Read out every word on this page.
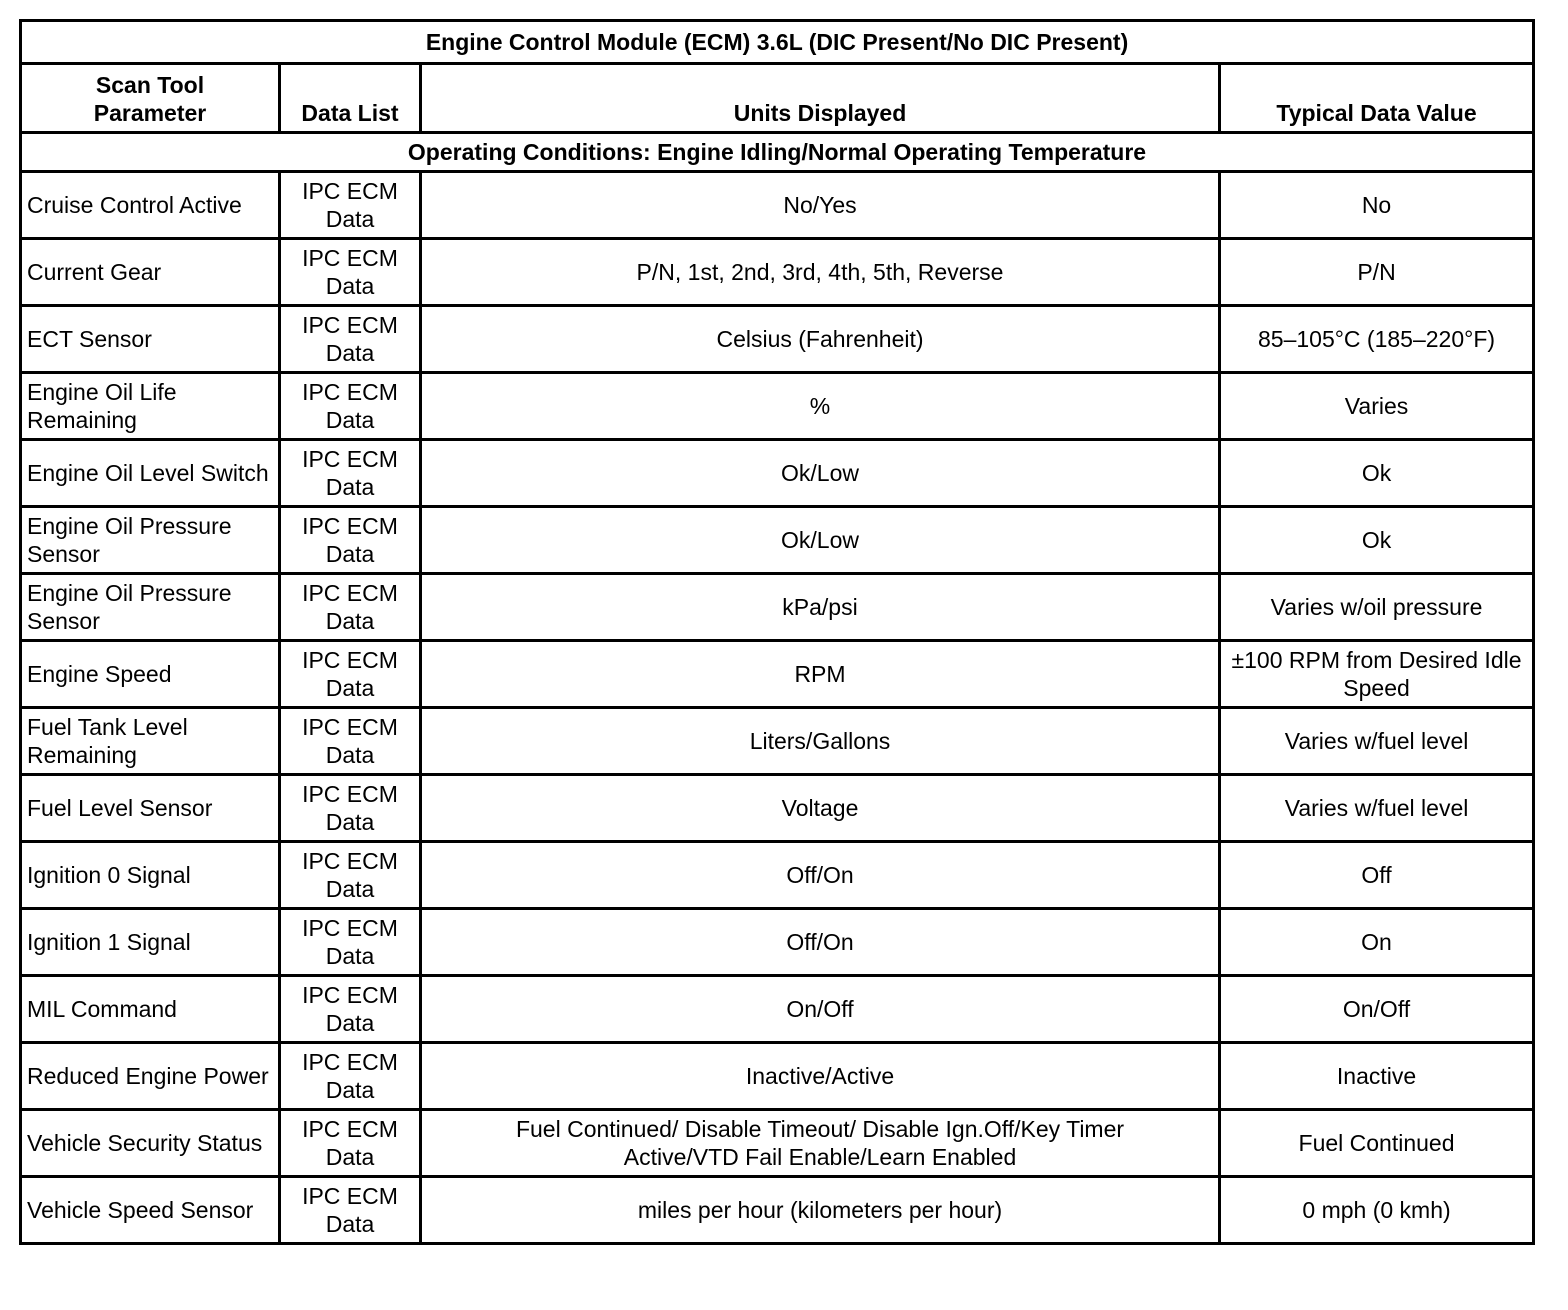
Engine Control Module (ECM) 3.6L (DIC Present/No DIC Present)			
Scan Tool Parameter	Data List	Units Displayed	Typical Data Value
Operating Conditions: Engine Idling/Normal Operating Temperature			
Cruise Control Active	IPC ECM Data	No/Yes	No
Current Gear	IPC ECM Data	P/N, 1st, 2nd, 3rd, 4th, 5th, Reverse	P/N
ECT Sensor	IPC ECM Data	Celsius (Fahrenheit)	85–105°C (185–220°F)
Engine Oil Life Remaining	IPC ECM Data	%	Varies
Engine Oil Level Switch	IPC ECM Data	Ok/Low	Ok
Engine Oil Pressure Sensor	IPC ECM Data	Ok/Low	Ok
Engine Oil Pressure Sensor	IPC ECM Data	kPa/psi	Varies w/oil pressure
Engine Speed	IPC ECM Data	RPM	±100 RPM from Desired Idle Speed
Fuel Tank Level Remaining	IPC ECM Data	Liters/Gallons	Varies w/fuel level
Fuel Level Sensor	IPC ECM Data	Voltage	Varies w/fuel level
Ignition 0 Signal	IPC ECM Data	Off/On	Off
Ignition 1 Signal	IPC ECM Data	Off/On	On
MIL Command	IPC ECM Data	On/Off	On/Off
Reduced Engine Power	IPC ECM Data	Inactive/Active	Inactive
Vehicle Security Status	IPC ECM Data	Fuel Continued/ Disable Timeout/ Disable Ign.Off/Key Timer Active/VTD Fail Enable/Learn Enabled	Fuel Continued
Vehicle Speed Sensor	IPC ECM Data	miles per hour (kilometers per hour)	0 mph (0 kmh)
